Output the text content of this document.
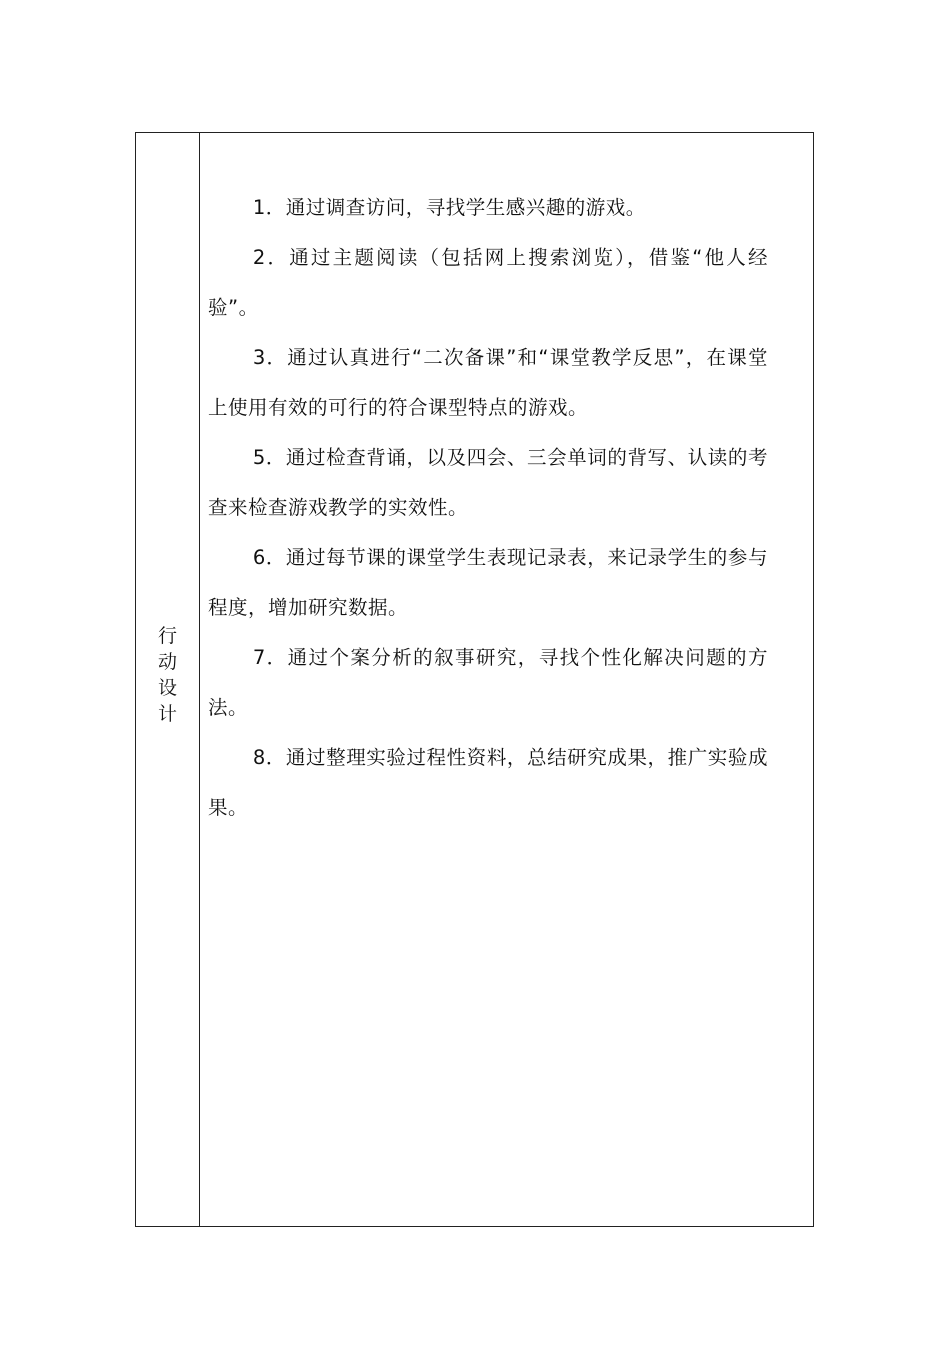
行
动
设
计

1．通过调查访问，寻找学生感兴趣的游戏。

2．通过主题阅读（包括网上搜索浏览），借鉴“他人经验”。

3．通过认真进行“二次备课”和“课堂教学反思”，在课堂上使用有效的可行的符合课型特点的游戏。

5．通过检查背诵，以及四会、三会单词的背写、认读的考查来检查游戏教学的实效性。

6．通过每节课的课堂学生表现记录表，来记录学生的参与程度，增加研究数据。

7．通过个案分析的叙事研究，寻找个性化解决问题的方法。

8．通过整理实验过程性资料，总结研究成果，推广实验成果。
